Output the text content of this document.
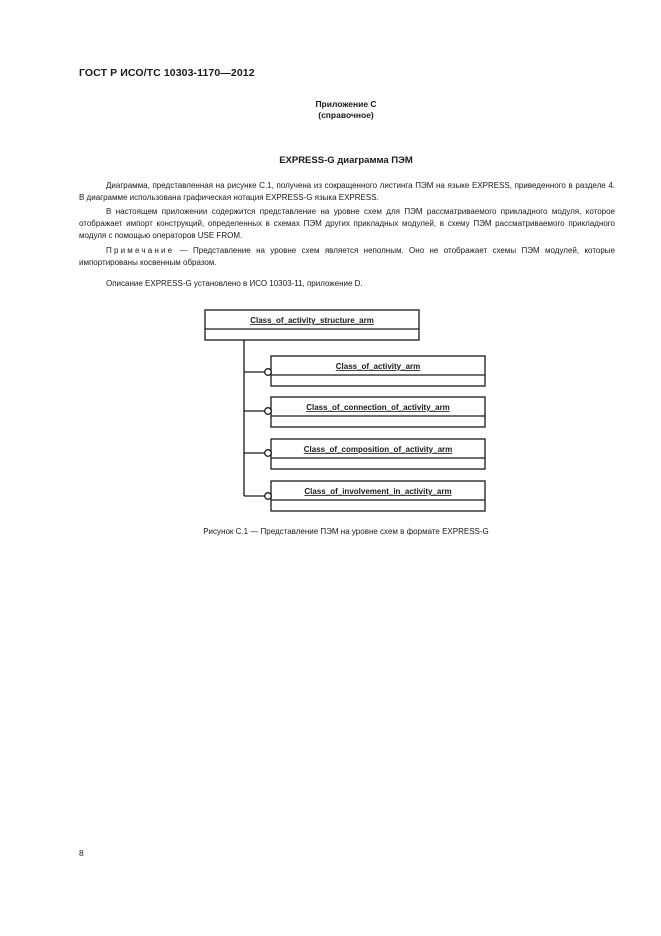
ГОСТ Р ИСО/ТС 10303-1170—2012
Приложение С
(справочное)
EXPRESS-G диаграмма ПЭМ

Диаграмма, представленная на рисунке С.1, получена из сокращенного листинга ПЭМ на языке EXPRESS, приведенного в разделе 4. В диаграмме использована графическая нотация EXPRESS-G языка EXPRESS.

В настоящем приложении содержится представление на уровне схем для ПЭМ рассматриваемого прикладного модуля, которое отображает импорт конструкций, определенных в схемах ПЭМ других прикладных модулей, в схему ПЭМ рассматриваемого прикладного модуля с помощью операторов USE FROM.

Примечание — Представление на уровне схем является неполным. Оно не отображает схемы ПЭМ модулей, которые импортированы косвенным образом.

Описание EXPRESS-G установлено в ИСО 10303-11, приложение D.

Class_of_activity_structure_arm
Class_of_activity_arm
Class_of_connection_of_activity_arm
Class_of_composition_of_activity_arm
Class_of_involvement_in_activity_arm
Рисунок С.1 — Представление ПЭМ на уровне схем в формате EXPRESS-G
8
